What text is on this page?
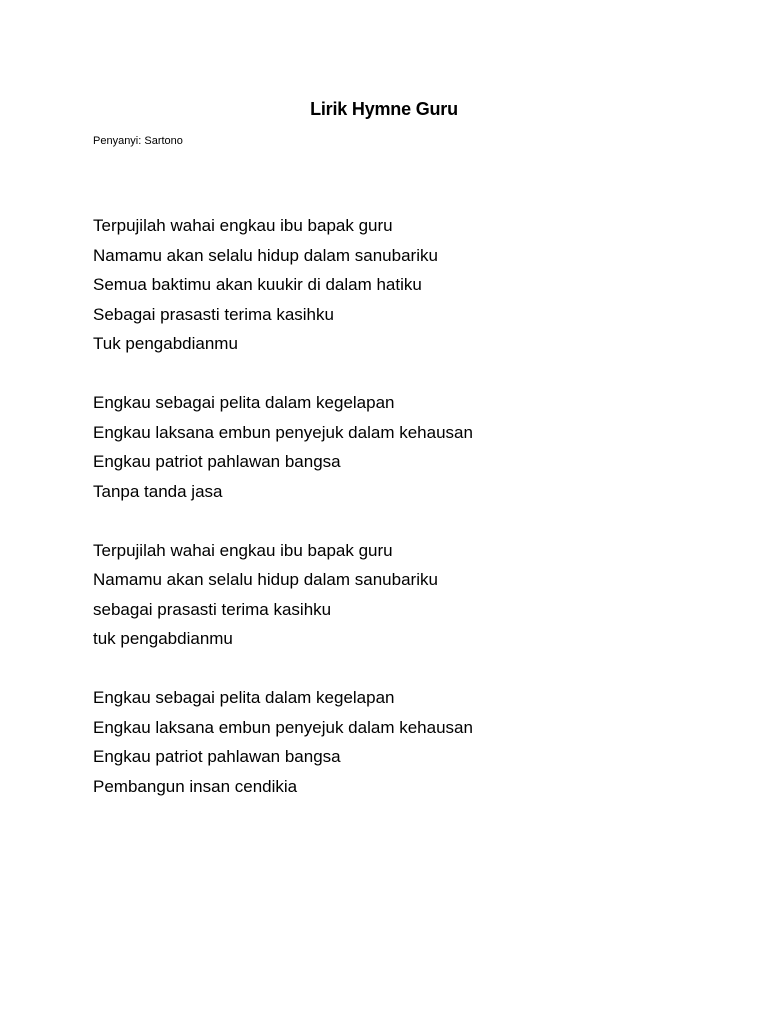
Lirik Hymne Guru
Penyanyi: Sartono
Terpujilah wahai engkau ibu bapak guru
Namamu akan selalu hidup dalam sanubariku
Semua baktimu akan kuukir di dalam hatiku
Sebagai prasasti terima kasihku
Tuk pengabdianmu
Engkau sebagai pelita dalam kegelapan
Engkau laksana embun penyejuk dalam kehausan
Engkau patriot pahlawan bangsa
Tanpa tanda jasa
Terpujilah wahai engkau ibu bapak guru
Namamu akan selalu hidup dalam sanubariku
sebagai prasasti terima kasihku
tuk pengabdianmu
Engkau sebagai pelita dalam kegelapan
Engkau laksana embun penyejuk dalam kehausan
Engkau patriot pahlawan bangsa
Pembangun insan cendikia
